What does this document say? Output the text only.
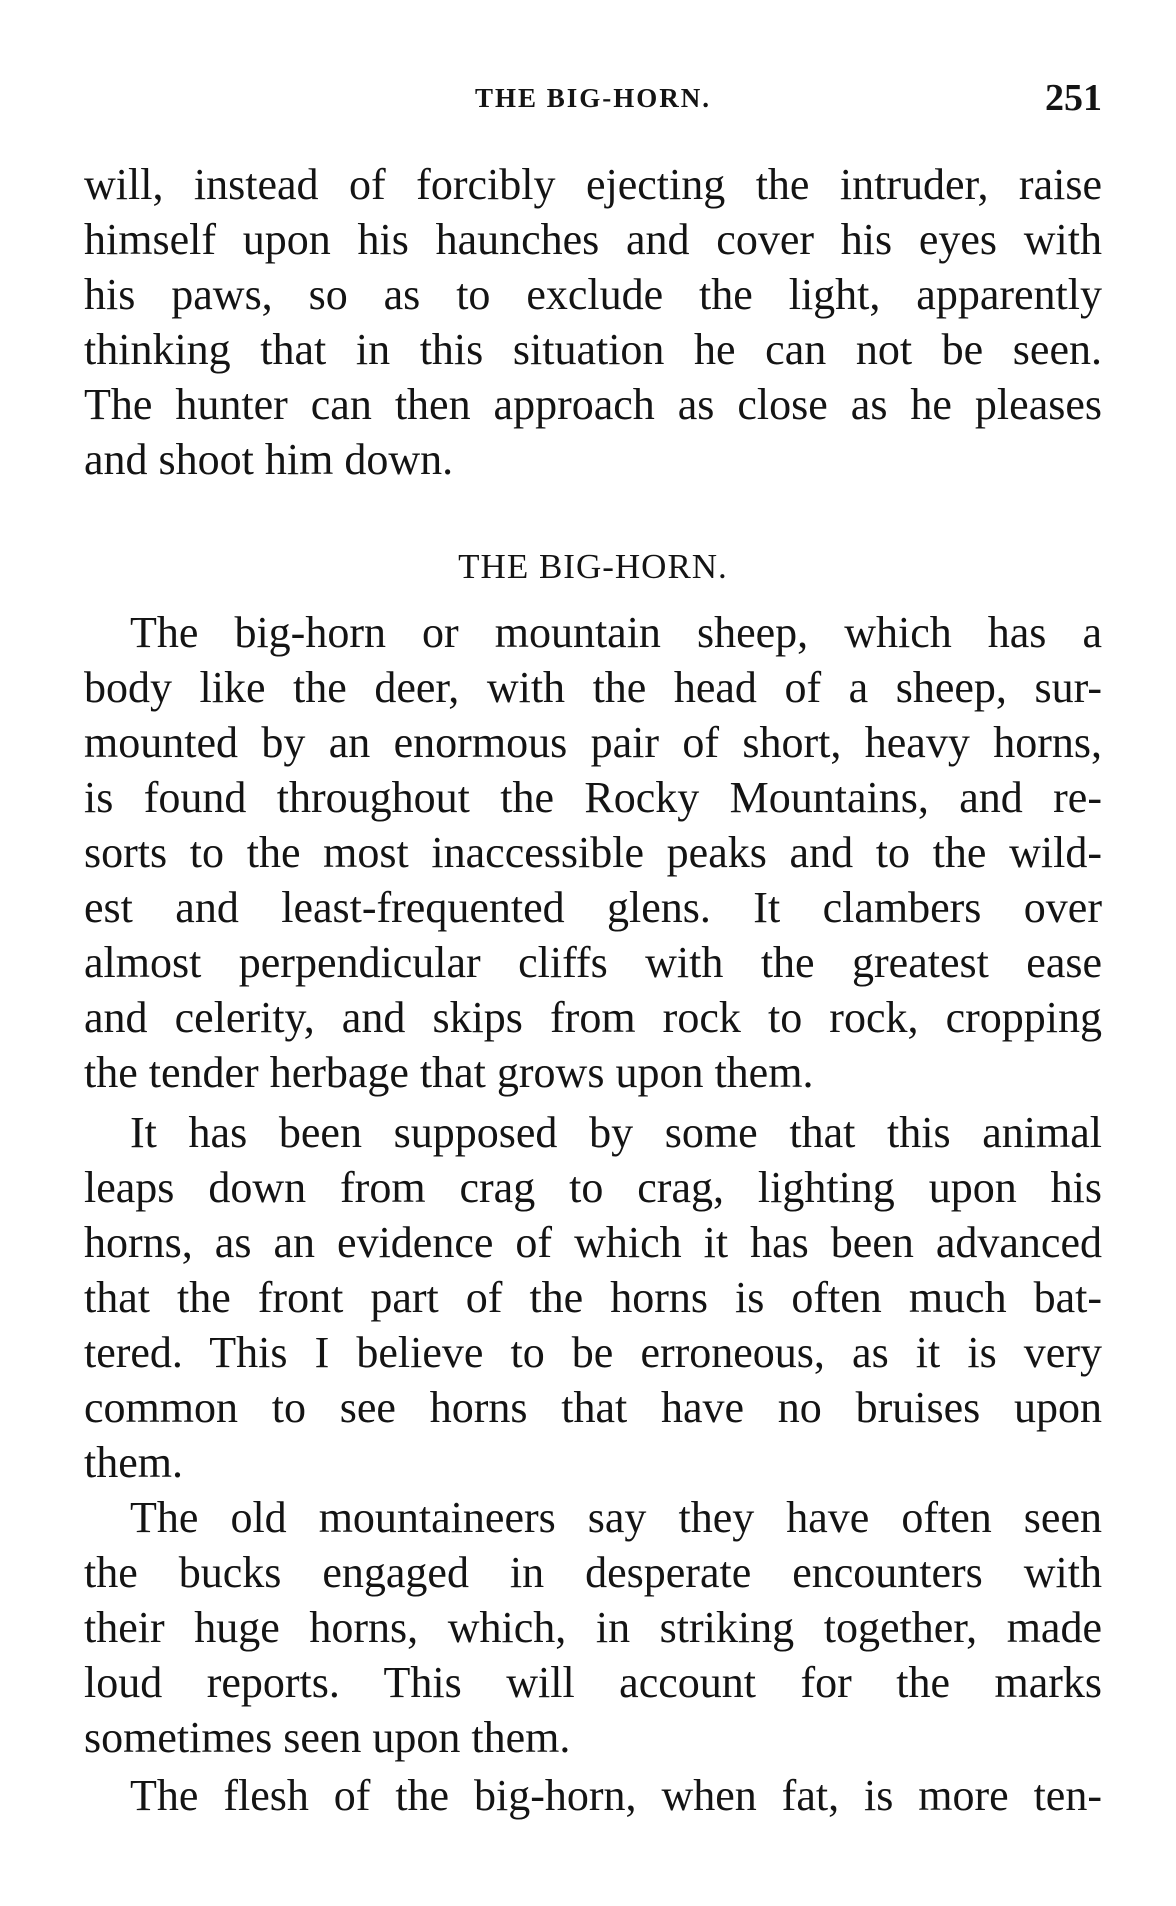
THE BIG-HORN.	251
will, instead of forcibly ejecting the intruder, raise
himself upon his haunches and cover his eyes with
his paws, so as to exclude the light, apparently
thinking that in this situation he can not be seen.
The hunter can then approach as close as he pleases
and shoot him down.
THE BIG-HORN.
The big-horn or mountain sheep, which has a
body like the deer, with the head of a sheep, sur-
mounted by an enormous pair of short, heavy horns,
is found throughout the Rocky Mountains, and re-
sorts to the most inaccessible peaks and to the wild-
est and least-frequented glens. It clambers over
almost perpendicular cliffs with the greatest ease
and celerity, and skips from rock to rock, cropping
the tender herbage that grows upon them.
It has been supposed by some that this animal
leaps down from crag to crag, lighting upon his
horns, as an evidence of which it has been advanced
that the front part of the horns is often much bat-
tered. This I believe to be erroneous, as it is very
common to see horns that have no bruises upon
them.
The old mountaineers say they have often seen
the bucks engaged in desperate encounters with
their huge horns, which, in striking together, made
loud reports. This will account for the marks
sometimes seen upon them.
The flesh of the big-horn, when fat, is more ten-
